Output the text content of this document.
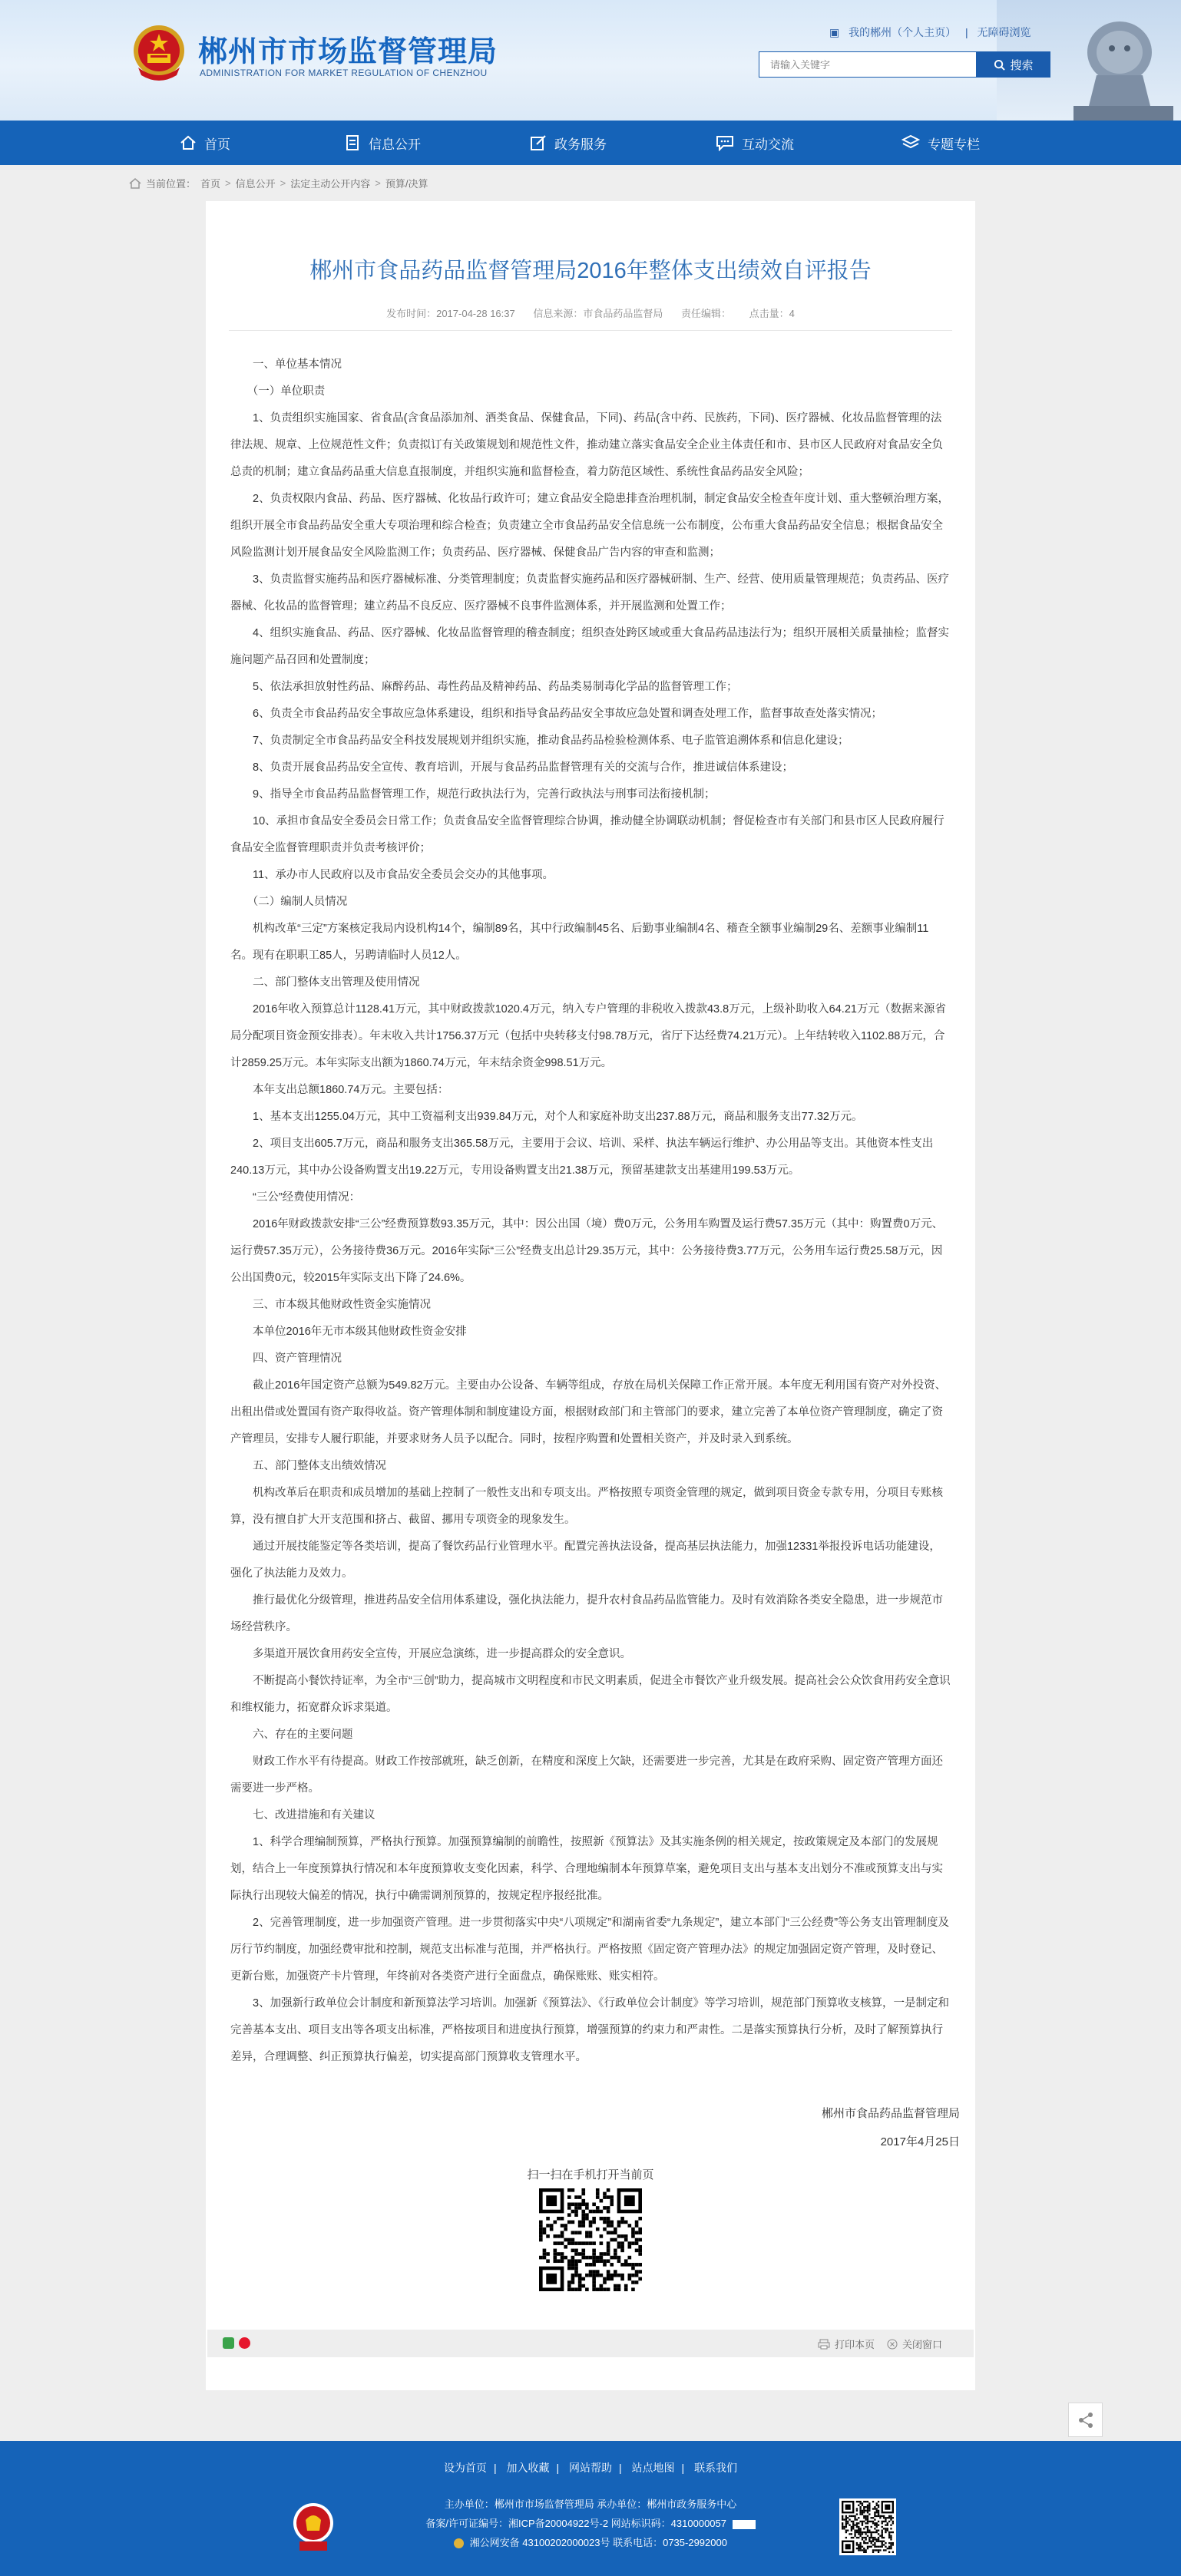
郴州市市场监督管理局
ADMINISTRATION FOR MARKET REGULATION OF CHENZHOU
▣ 我的郴州（个人主页） | 无障碍浏览
请输入关键字
搜索
首页	信息公开	政务服务	互动交流	专题专栏
当前位置： 首页 > 信息公开 > 法定主动公开内容 > 预算/决算
郴州市食品药品监督管理局2016年整体支出绩效自评报告
发布时间：2017-04-28 16:37 信息来源：市食品药品监督局 责任编辑： 点击量：4

　　一、单位基本情况

　　（一）单位职责

　　1、负责组织实施国家、省食品(含食品添加剂、酒类食品、保健食品，下同)、药品(含中药、民族药，下同)、医疗器械、化妆品监督管理的法律法规、规章、上位规范性文件；负责拟订有关政策规划和规范性文件，推动建立落实食品安全企业主体责任和市、县市区人民政府对食品安全负总责的机制；建立食品药品重大信息直报制度，并组织实施和监督检查，着力防范区域性、系统性食品药品安全风险；

　　2、负责权限内食品、药品、医疗器械、化妆品行政许可；建立食品安全隐患排查治理机制，制定食品安全检查年度计划、重大整顿治理方案，组织开展全市食品药品安全重大专项治理和综合检查；负责建立全市食品药品安全信息统一公布制度，公布重大食品药品安全信息；根据食品安全风险监测计划开展食品安全风险监测工作；负责药品、医疗器械、保健食品广告内容的审查和监测；

　　3、负责监督实施药品和医疗器械标准、分类管理制度；负责监督实施药品和医疗器械研制、生产、经营、使用质量管理规范；负责药品、医疗器械、化妆品的监督管理；建立药品不良反应、医疗器械不良事件监测体系，并开展监测和处置工作；

　　4、组织实施食品、药品、医疗器械、化妆品监督管理的稽查制度；组织查处跨区域或重大食品药品违法行为；组织开展相关质量抽检；监督实施问题产品召回和处置制度；

　　5、依法承担放射性药品、麻醉药品、毒性药品及精神药品、药品类易制毒化学品的监督管理工作；

　　6、负责全市食品药品安全事故应急体系建设，组织和指导食品药品安全事故应急处置和调查处理工作，监督事故查处落实情况；

　　7、负责制定全市食品药品安全科技发展规划并组织实施，推动食品药品检验检测体系、电子监管追溯体系和信息化建设；

　　8、负责开展食品药品安全宣传、教育培训，开展与食品药品监督管理有关的交流与合作，推进诚信体系建设；

　　9、指导全市食品药品监督管理工作，规范行政执法行为，完善行政执法与刑事司法衔接机制；

　　10、承担市食品安全委员会日常工作；负责食品安全监督管理综合协调，推动健全协调联动机制；督促检查市有关部门和县市区人民政府履行食品安全监督管理职责并负责考核评价；

　　11、承办市人民政府以及市食品安全委员会交办的其他事项。

　　（二）编制人员情况

　　机构改革“三定”方案核定我局内设机构14个，编制89名，其中行政编制45名、后勤事业编制4名、稽查全额事业编制29名、差额事业编制11名。现有在职职工85人，另聘请临时人员12人。

　　二、部门整体支出管理及使用情况

　　2016年收入预算总计1128.41万元，其中财政拨款1020.4万元，纳入专户管理的非税收入拨款43.8万元，上级补助收入64.21万元（数据来源省局分配项目资金预安排表）。年末收入共计1756.37万元（包括中央转移支付98.78万元，省厅下达经费74.21万元）。上年结转收入1102.88万元，合计2859.25万元。本年实际支出额为1860.74万元，年末结余资金998.51万元。

　　本年支出总额1860.74万元。主要包括：

　　1、基本支出1255.04万元，其中工资福利支出939.84万元，对个人和家庭补助支出237.88万元，商品和服务支出77.32万元。

　　2、项目支出605.7万元，商品和服务支出365.58万元，主要用于会议、培训、采样、执法车辆运行维护、办公用品等支出。其他资本性支出240.13万元，其中办公设备购置支出19.22万元，专用设备购置支出21.38万元，预留基建款支出基建用199.53万元。

　　“三公”经费使用情况：

　　2016年财政拨款安排“三公”经费预算数93.35万元，其中：因公出国（境）费0万元，公务用车购置及运行费57.35万元（其中：购置费0万元、运行费57.35万元），公务接待费36万元。2016年实际“三公”经费支出总计29.35万元，其中：公务接待费3.77万元，公务用车运行费25.58万元，因公出国费0元，较2015年实际支出下降了24.6%。

　　三、市本级其他财政性资金实施情况

　　本单位2016年无市本级其他财政性资金安排

　　四、资产管理情况

　　截止2016年国定资产总额为549.82万元。主要由办公设备、车辆等组成，存放在局机关保障工作正常开展。本年度无利用国有资产对外投资、出租出借或处置国有资产取得收益。资产管理体制和制度建设方面，根据财政部门和主管部门的要求，建立完善了本单位资产管理制度，确定了资产管理员，安排专人履行职能，并要求财务人员予以配合。同时，按程序购置和处置相关资产，并及时录入到系统。

　　五、部门整体支出绩效情况

　　机构改革后在职责和成员增加的基础上控制了一般性支出和专项支出。严格按照专项资金管理的规定，做到项目资金专款专用，分项目专账核算，没有擅自扩大开支范围和挤占、截留、挪用专项资金的现象发生。

　　通过开展技能鉴定等各类培训，提高了餐饮药品行业管理水平。配置完善执法设备，提高基层执法能力，加强12331举报投诉电话功能建设，强化了执法能力及效力。

　　推行最优化分级管理，推进药品安全信用体系建设，强化执法能力，提升农村食品药品监管能力。及时有效消除各类安全隐患，进一步规范市场经营秩序。

　　多渠道开展饮食用药安全宣传，开展应急演练，进一步提高群众的安全意识。

　　不断提高小餐饮持证率，为全市“三创”助力，提高城市文明程度和市民文明素质，促进全市餐饮产业升级发展。提高社会公众饮食用药安全意识和维权能力，拓宽群众诉求渠道。

　　六、存在的主要问题

　　财政工作水平有待提高。财政工作按部就班，缺乏创新，在精度和深度上欠缺，还需要进一步完善，尤其是在政府采购、固定资产管理方面还需要进一步严格。

　　七、改进措施和有关建议

　　1、科学合理编制预算，严格执行预算。加强预算编制的前瞻性，按照新《预算法》及其实施条例的相关规定，按政策规定及本部门的发展规划，结合上一年度预算执行情况和本年度预算收支变化因素，科学、合理地编制本年预算草案，避免项目支出与基本支出划分不准或预算支出与实际执行出现较大偏差的情况，执行中确需调剂预算的，按规定程序报经批准。

　　2、完善管理制度，进一步加强资产管理。进一步贯彻落实中央“八项规定”和湖南省委“九条规定”，建立本部门“三公经费”等公务支出管理制度及厉行节约制度，加强经费审批和控制，规范支出标准与范围，并严格执行。严格按照《固定资产管理办法》的规定加强固定资产管理，及时登记、更新台账，加强资产卡片管理，年终前对各类资产进行全面盘点，确保账账、账实相符。

　　3、加强新行政单位会计制度和新预算法学习培训。加强新《预算法》、《行政单位会计制度》等学习培训，规范部门预算收支核算，一是制定和完善基本支出、项目支出等各项支出标准，严格按项目和进度执行预算，增强预算的约束力和严肃性。二是落实预算执行分析，及时了解预算执行差异，合理调整、纠正预算执行偏差，切实提高部门预算收支管理水平。

郴州市食品药品监督管理局
2017年4月25日
扫一扫在手机打开当前页
打印本页	关闭窗口
设为首页 | 加入收藏 | 网站帮助 | 站点地图 | 联系我们
主办单位：郴州市市场监督管理局 承办单位：郴州市政务服务中心
备案/许可证编号：湘ICP备20004922号-2 网站标识码：4310000057
湘公网安备 43100202000023号 联系电话：0735-2992000
